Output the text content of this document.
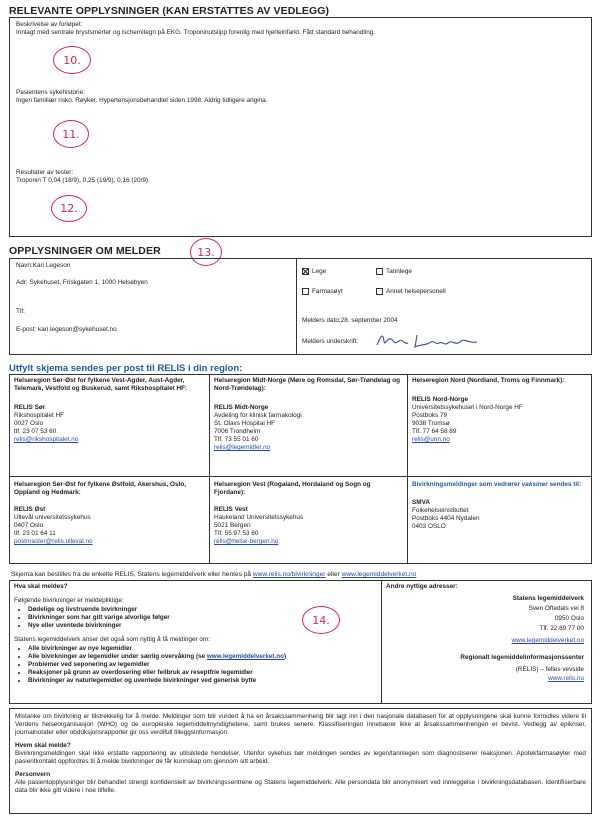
RELEVANTE OPPLYSNINGER (KAN ERSTATTES AV VEDLEGG)
Beskrivelse av forløpet:
Innlagt med sentrale brystsmerter og ischemitegn på EKG. Troponinutslipp forenlig med hjerteinfarkt. Fått standard behandling.
Pasientens sykehistorie:
Ingen familiær risko. Røyker. Hypertensjonsbehandlet siden 1998. Aldrig tidligere angina.
Resultater av tester:
Troponin T 0,04 (18/9), 0,25 (19/9), 0,16 (20/9)
10.
11.
12.
OPPLYSNINGER OM MELDER	13.
Navn:Kari Legeson
Adr: Sykehuset, Friskgaten 1, 1000 Helsebyen
Tlf:
E-post: kari.legeson@sykehuset.no
Lege	Tannlege
Farmasøyt	Annet helsepersonell
Melders dato:28. september 2004
Melders underskrift:
Utfylt skjema sendes per post til RELIS i din region:
Helseregion Sør-Øst for fylkene Vest-Agder, Aust-Agder, Telemark, Vestfold og Buskerud, samt Rikshospitalet HF:
RELIS Sør
Rikshospitalet HF
0027 Oslo
tlf. 23 07 53 60
relis@rikshospitalet.no
Helseregion Midt-Norge (Møre og Romsdal, Sør-Trøndelag og Nord-Trøndelag):
RELIS Midt-Norge
Avdeling for klinisk farmakologi
St. Olavs Hospital HF
7006 Trondheim
Tlf. 73 55 01 60
relis@legemidler.no
Helseregion Nord (Nordland, Troms og Finnmark):
RELIS Nord-Norge
Universitetssykehuset i Nord-Norge HF
Postboks 79
9038 Tromsø
Tlf. 77 64 58 89
relis@unn.no
Helseregion Sør-Øst for fylkene Østfold, Akershus, Oslo, Oppland og Hedmark:
RELIS Øst
Ullevål universitetssykehus
0407 Oslo
tlf. 23 01 64 11
postmaster@relis.ulleval.no
Helseregion Vest (Rogaland, Hordaland og Sogn og Fjordane):
RELIS Vest
Haukeland Universitetssykehus
5021 Bergen
Tlf. 55 97 53 60
relis@helse-bergen.no
Bivirkningsmeldinger som vedrører vaksiner sendes til:
SMVA
Folkehelseinstituttet
Postboks 4404 Nydalen
0403 OSLO
Skjema kan bestilles fra de enkelte RELIS, Statens legemiddelverk eller hentes på www.relis.no/bivirkninger eller www.legemiddelverket.no
Hva skal meldes?
Følgende bivirkninger er meldepliktige:
• Dødelige og livstruende bivirkninger
• Bivirkninger som har gitt varige alvorlige følger
• Nye eller uventede bivirkninger
Statens legemiddelverk anser det også som nyttig å få meldinger om:
• Alle bivirkninger av nye legemidler
• Alle bivirkninger av legemidler under særlig overvåking (se www.legemiddelverket.no)
• Problemer ved seponering av legemidler
• Reaksjoner på grunn av overdosering eller feilbruk av reseptfrie legemidler
• Bivirkninger av naturlegemidler og uventede bivirkninger ved generisk bytte
Andre nyttige adresser:
Statens legemiddelverk
Sven Oftedals vei 8
0950 Oslo
Tlf. 22 89 77 00
www.legemiddelverket.no
Regionalt legemiddelinformasjonssenter
(RELIS) – felles vevside
www.relis.no
14.
Mistanke om bivirkning er tilstrekkelig for å melde. Meldinger som blir vurdert å ha en årsakssammenheng blir lagt inn i den nasjonale databasen for at opplysningene skal kunne formidles videre til Verdens helseorganisasjon (WHO) og de europeiske legemiddelmyndighetene, samt brukes senere. Klassifiseringen innebærer ikke at årsakssammenhengen er bevist. Vedlegg av epikriser, journalnotater eller obduksjonsrapporter gir oss verdifull tilleggsinformasjon.
Hvem skal melde?
Bivirkningsmeldingen skal ikke erstatte rapportering av utilsiktede hendelser. Utenfor sykehus bør meldingen sendes av legen/tannlegen som diagnostiserer reaksjonen. Apotekfarmasøyter med pasientkontakt oppfordres til å melde bivirkninger de får kunnskap om gjennom sitt arbeid.
Personvern
Alle pasientopplysninger blir behandlet strengt konfidensielt av bivirkningssentrene og Statens legemiddelverk. Alle persondata blir anonymisert ved innleggelse i bivirkningsdatabasen. Identifiserbare data blir ikke gitt videre i noe tilfelle.
